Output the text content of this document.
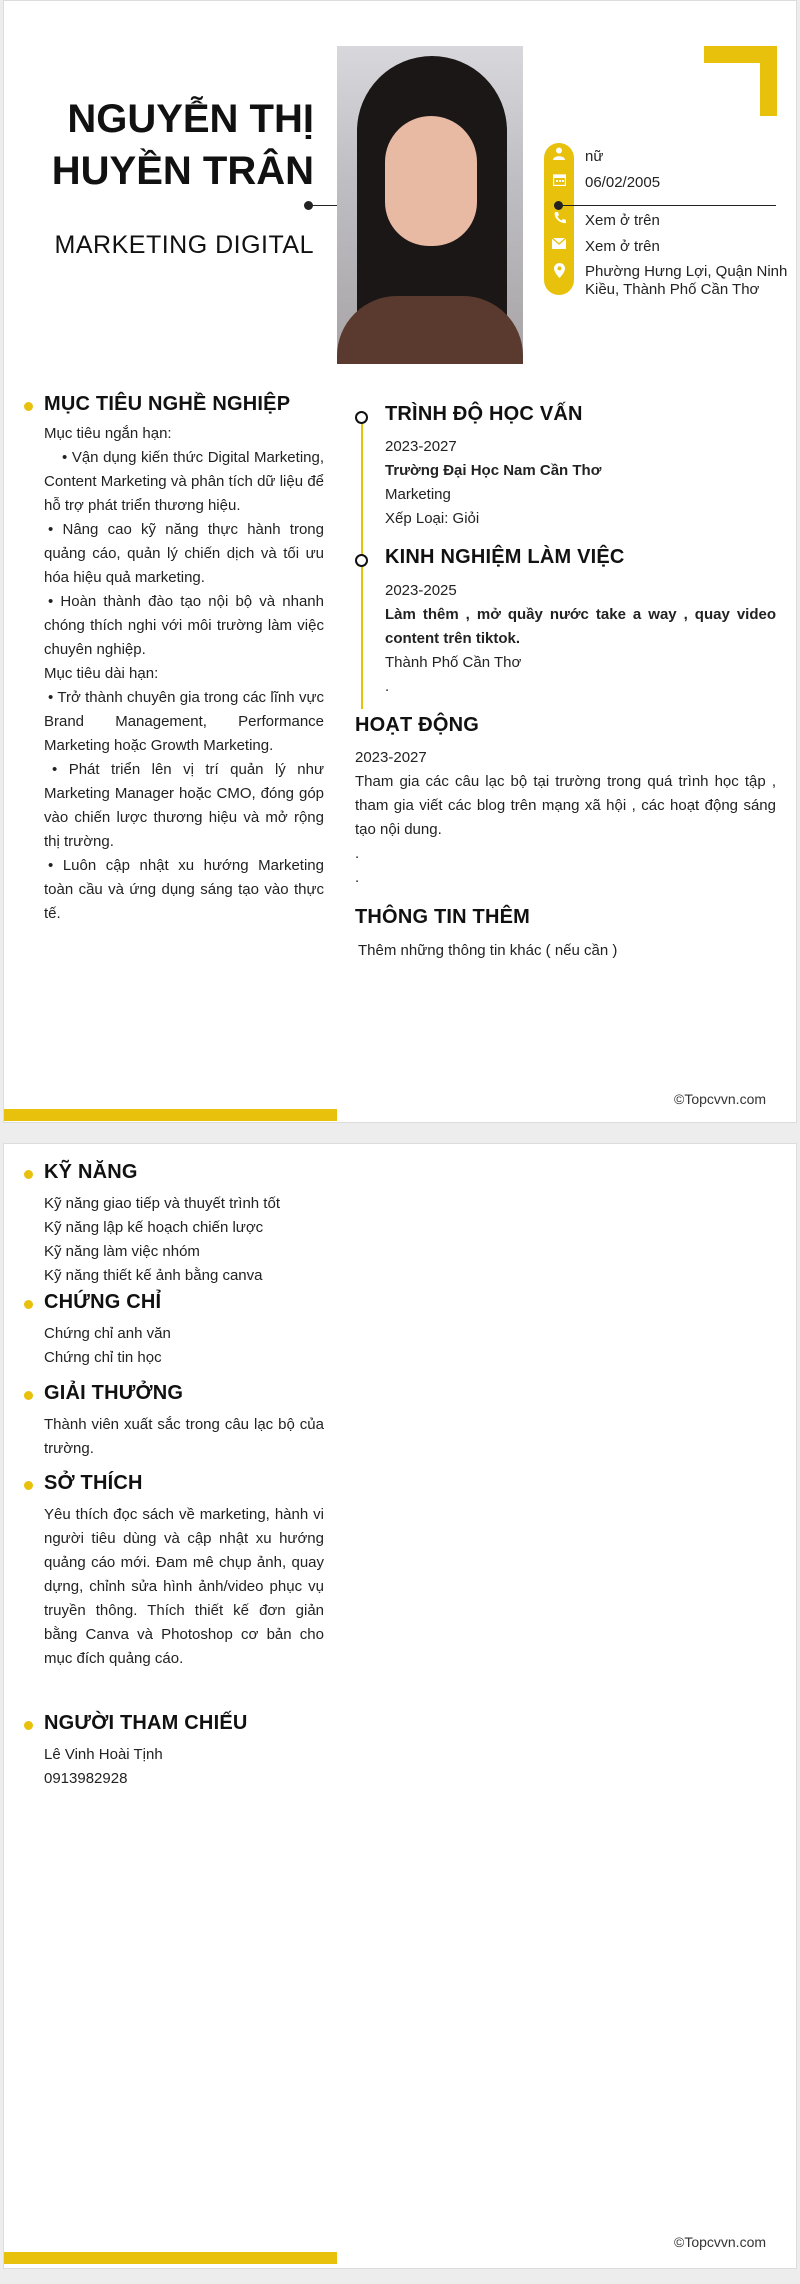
NGUYỄN THỊ
HUYỀN TRÂN
MARKETING DIGITAL
nữ
06/02/2005
Xem ở trên
Xem ở trên
Phường Hưng Lợi, Quận Ninh
Kiều, Thành Phố Cần Thơ
MỤC TIÊU NGHỀ NGHIỆP
Mục tiêu ngắn hạn:
• Vận dụng kiến thức Digital Marketing, Content Marketing và phân tích dữ liệu để hỗ trợ phát triển thương hiệu.
• Nâng cao kỹ năng thực hành trong quảng cáo, quản lý chiến dịch và tối ưu hóa hiệu quả marketing.
• Hoàn thành đào tạo nội bộ và nhanh chóng thích nghi với môi trường làm việc chuyên nghiệp.
Mục tiêu dài hạn:
• Trở thành chuyên gia trong các lĩnh vực Brand Management, Performance Marketing hoặc Growth Marketing.
• Phát triển lên vị trí quản lý như Marketing Manager hoặc CMO, đóng góp vào chiến lược thương hiệu và mở rộng thị trường.
• Luôn cập nhật xu hướng Marketing toàn cầu và ứng dụng sáng tạo vào thực tế.
TRÌNH ĐỘ HỌC VẤN
2023-2027
Trường Đại Học Nam Cần Thơ
Marketing
Xếp Loại: Giỏi
KINH NGHIỆM LÀM VIỆC
2023-2025
Làm thêm , mở quầy nước take a way , quay video content trên tiktok.
Thành Phố Cần Thơ
.
HOẠT ĐỘNG
2023-2027
Tham gia các câu lạc bộ tại trường trong quá trình học tập , tham gia viết các blog trên mạng xã hội , các hoạt động sáng tạo nội dung.
.
.
THÔNG TIN THÊM
Thêm những thông tin khác ( nếu cần )
©Topcvvn.com
KỸ NĂNG
Kỹ năng giao tiếp và thuyết trình tốt
Kỹ năng lập kế hoạch chiến lược
Kỹ năng làm việc nhóm
Kỹ năng thiết kế ảnh bằng canva
CHỨNG CHỈ
Chứng chỉ anh văn
Chứng chỉ tin học
GIẢI THƯỞNG
Thành viên xuất sắc trong câu lạc bộ của trường.
SỞ THÍCH
Yêu thích đọc sách về marketing, hành vi người tiêu dùng và cập nhật xu hướng quảng cáo mới. Đam mê chụp ảnh, quay dựng, chỉnh sửa hình ảnh/video phục vụ truyền thông. Thích thiết kế đơn giản bằng Canva và Photoshop cơ bản cho mục đích quảng cáo.
NGƯỜI THAM CHIẾU
Lê Vinh Hoài Tịnh
0913982928
©Topcvvn.com
